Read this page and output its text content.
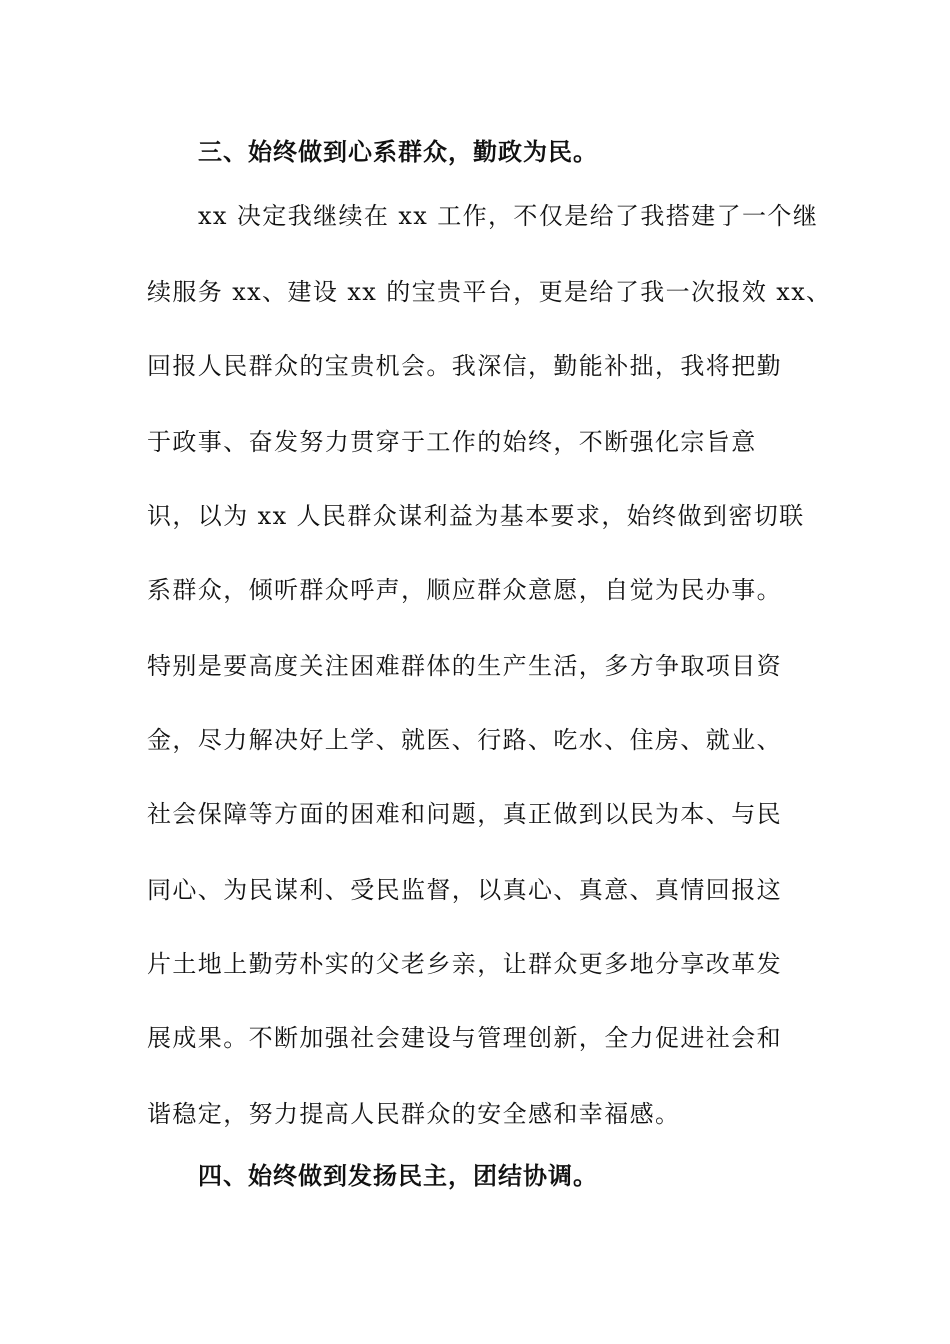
三、始终做到心系群众，勤政为民。
xx 决定我继续在 xx 工作，不仅是给了我搭建了一个继
续服务 xx、建设 xx 的宝贵平台，更是给了我一次报效 xx、
回报人民群众的宝贵机会。我深信，勤能补拙，我将把勤
于政事、奋发努力贯穿于工作的始终，不断强化宗旨意
识，以为 xx 人民群众谋利益为基本要求，始终做到密切联
系群众，倾听群众呼声，顺应群众意愿，自觉为民办事。
特别是要高度关注困难群体的生产生活，多方争取项目资
金，尽力解决好上学、就医、行路、吃水、住房、就业、
社会保障等方面的困难和问题，真正做到以民为本、与民
同心、为民谋利、受民监督，以真心、真意、真情回报这
片土地上勤劳朴实的父老乡亲，让群众更多地分享改革发
展成果。不断加强社会建设与管理创新，全力促进社会和
谐稳定，努力提高人民群众的安全感和幸福感。
四、始终做到发扬民主，团结协调。
